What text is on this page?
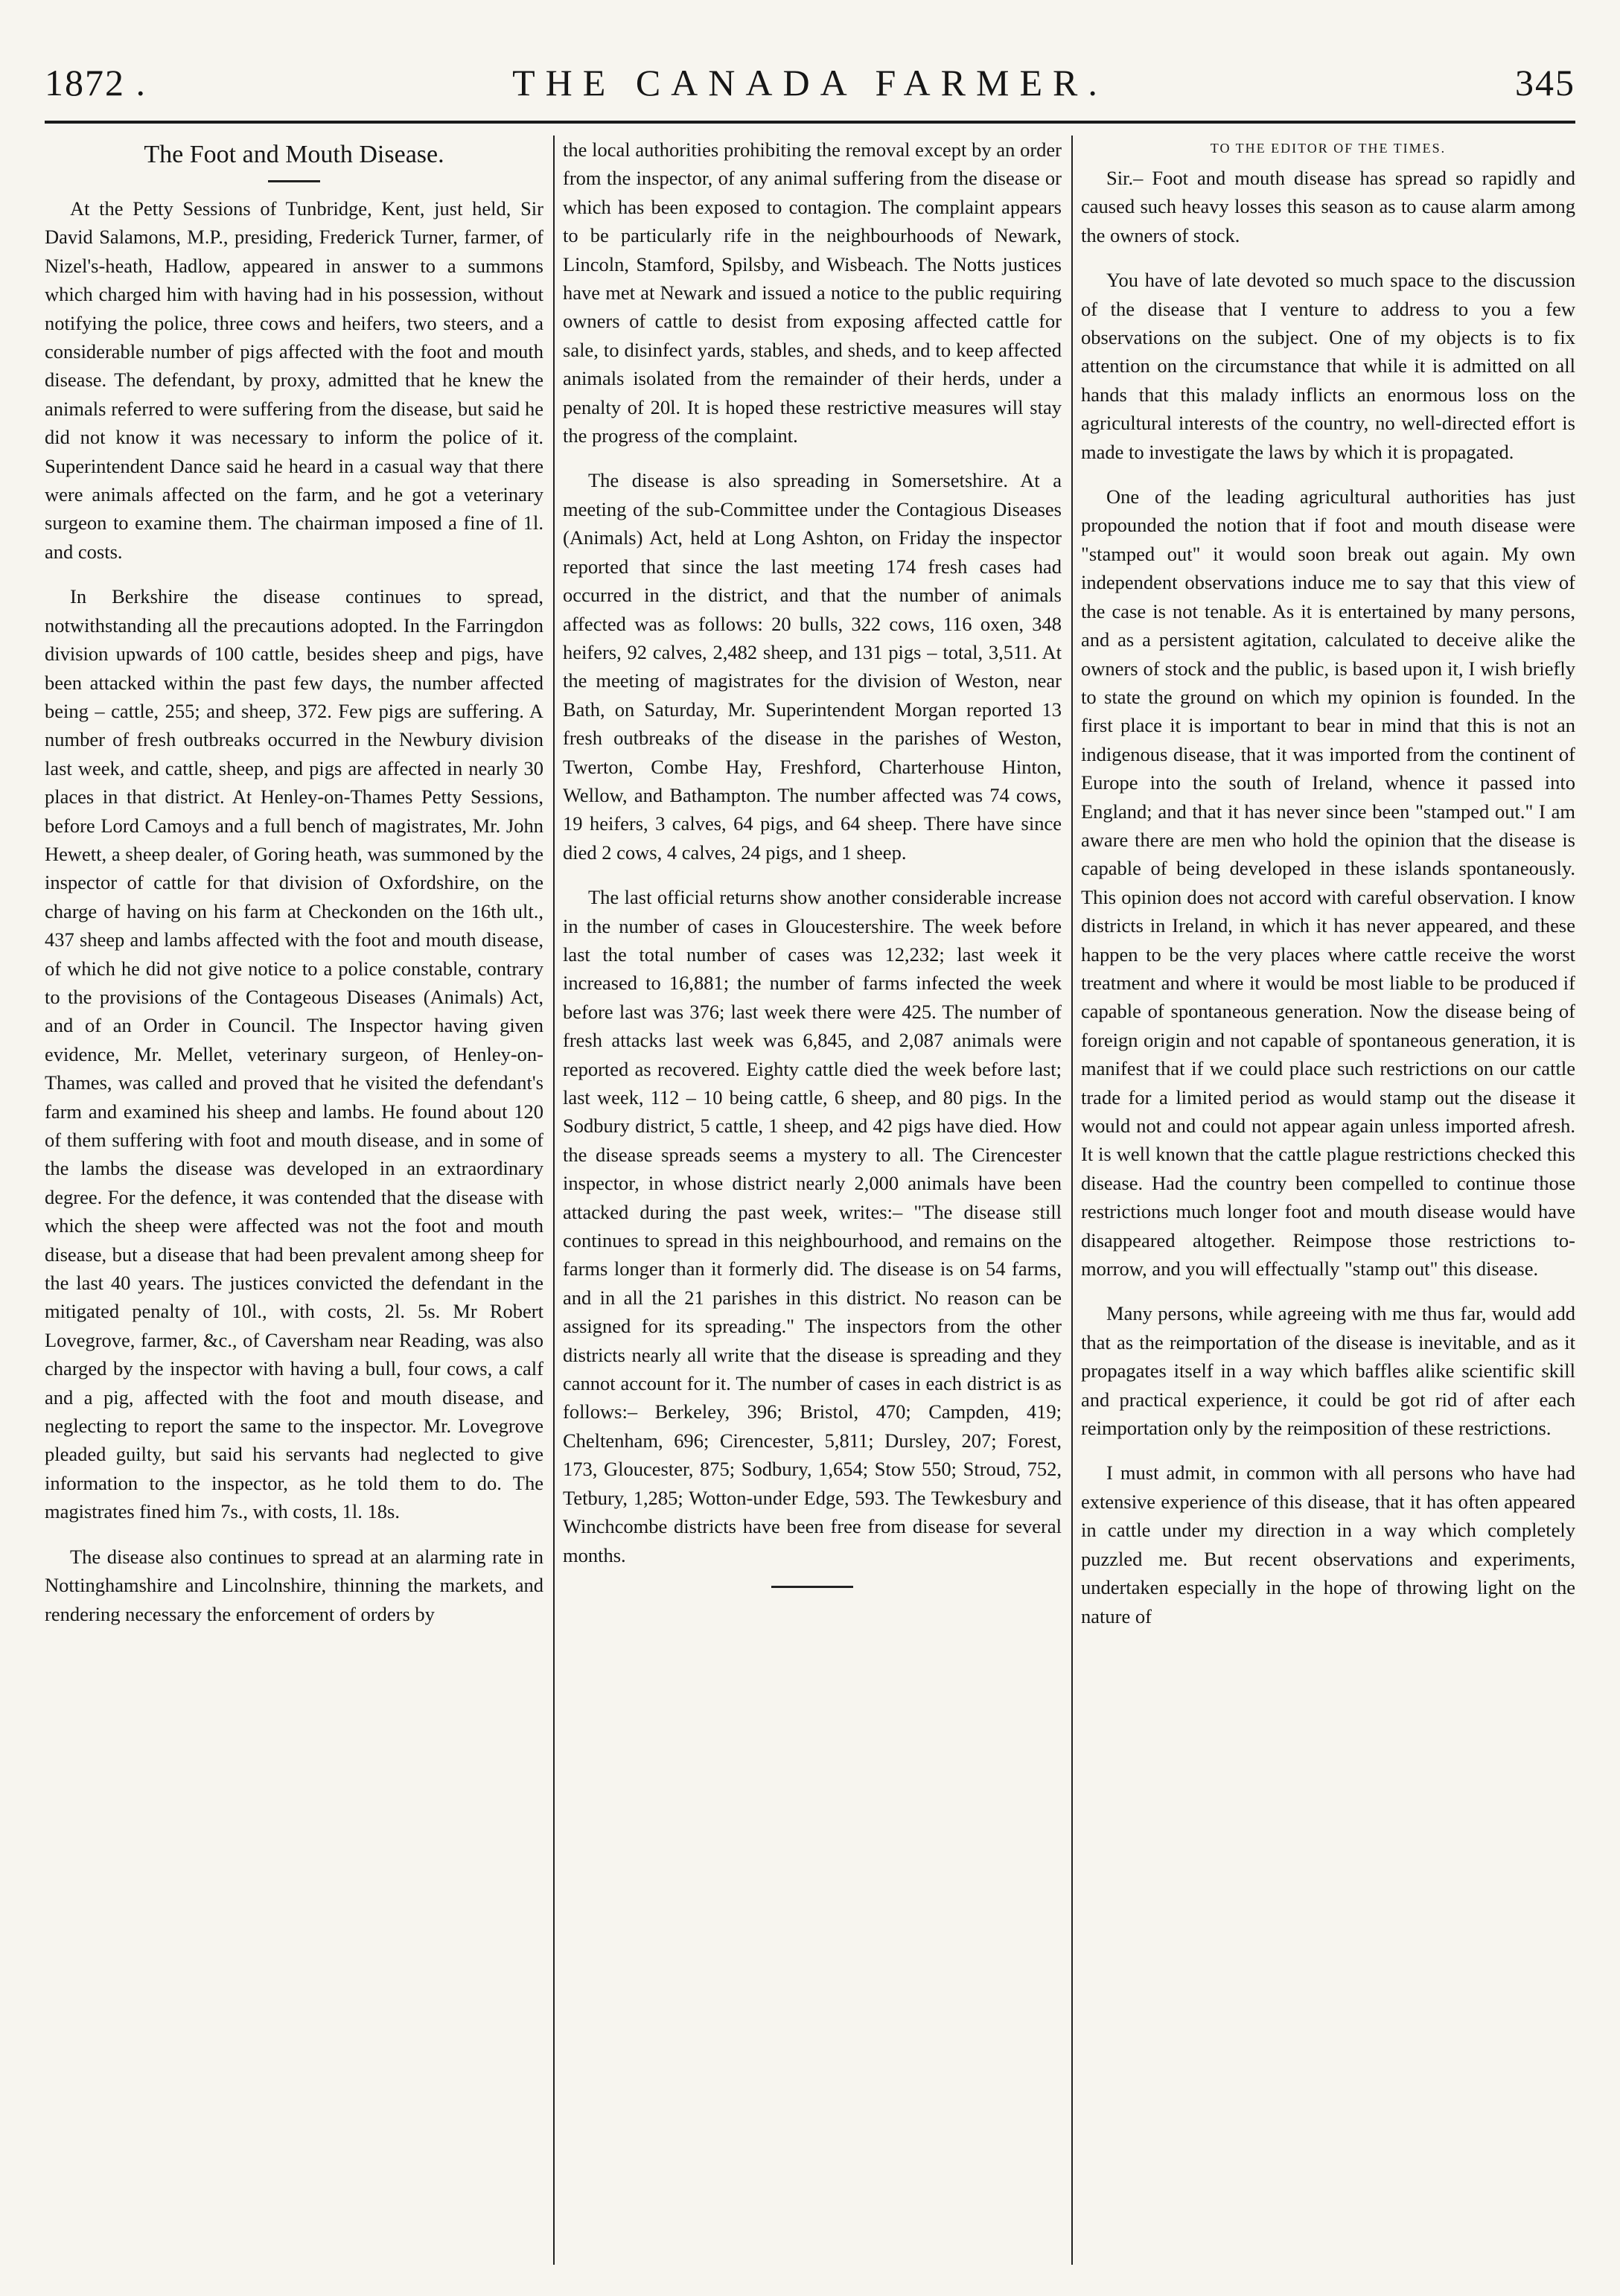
1872 .	THE CANADA FARMER.	345
The Foot and Mouth Disease.

At the Petty Sessions of Tunbridge, Kent, just held, Sir David Salamons, M.P., presiding, Frederick Turner, farmer, of Nizel's-heath, Hadlow, appeared in answer to a summons which charged him with having had in his possession, without notifying the police, three cows and heifers, two steers, and a considerable number of pigs affected with the foot and mouth disease. The defendant, by proxy, admitted that he knew the animals referred to were suffering from the disease, but said he did not know it was necessary to inform the police of it. Superintendent Dance said he heard in a casual way that there were animals affected on the farm, and he got a veterinary surgeon to examine them. The chairman imposed a fine of 1l. and costs.

In Berkshire the disease continues to spread, notwithstanding all the precautions adopted. In the Farringdon division upwards of 100 cattle, besides sheep and pigs, have been attacked within the past few days, the number affected being – cattle, 255; and sheep, 372. Few pigs are suffering. A number of fresh outbreaks occurred in the Newbury division last week, and cattle, sheep, and pigs are affected in nearly 30 places in that district. At Henley-on-Thames Petty Sessions, before Lord Camoys and a full bench of magistrates, Mr. John Hewett, a sheep dealer, of Goring heath, was summoned by the inspector of cattle for that division of Oxfordshire, on the charge of having on his farm at Checkonden on the 16th ult., 437 sheep and lambs affected with the foot and mouth disease, of which he did not give notice to a police constable, contrary to the provisions of the Contageous Diseases (Animals) Act, and of an Order in Council. The Inspector having given evidence, Mr. Mellet, veterinary surgeon, of Henley-on-Thames, was called and proved that he visited the defendant's farm and examined his sheep and lambs. He found about 120 of them suffering with foot and mouth disease, and in some of the lambs the disease was developed in an extraordinary degree. For the defence, it was contended that the disease with which the sheep were affected was not the foot and mouth disease, but a disease that had been prevalent among sheep for the last 40 years. The justices convicted the defendant in the mitigated penalty of 10l., with costs, 2l. 5s. Mr Robert Lovegrove, farmer, &c., of Caversham near Reading, was also charged by the inspector with having a bull, four cows, a calf and a pig, affected with the foot and mouth disease, and neglecting to report the same to the inspector. Mr. Lovegrove pleaded guilty, but said his servants had neglected to give information to the inspector, as he told them to do. The magistrates fined him 7s., with costs, 1l. 18s.

The disease also continues to spread at an alarming rate in Nottinghamshire and Lincolnshire, thinning the markets, and rendering necessary the enforcement of orders by

the local authorities prohibiting the removal except by an order from the inspector, of any animal suffering from the disease or which has been exposed to contagion. The complaint appears to be particularly rife in the neighbourhoods of Newark, Lincoln, Stamford, Spilsby, and Wisbeach. The Notts justices have met at Newark and issued a notice to the public requiring owners of cattle to desist from exposing affected cattle for sale, to disinfect yards, stables, and sheds, and to keep affected animals isolated from the remainder of their herds, under a penalty of 20l. It is hoped these restrictive measures will stay the progress of the complaint.

The disease is also spreading in Somersetshire. At a meeting of the sub-Committee under the Contagious Diseases (Animals) Act, held at Long Ashton, on Friday the inspector reported that since the last meeting 174 fresh cases had occurred in the district, and that the number of animals affected was as follows: 20 bulls, 322 cows, 116 oxen, 348 heifers, 92 calves, 2,482 sheep, and 131 pigs – total, 3,511. At the meeting of magistrates for the division of Weston, near Bath, on Saturday, Mr. Superintendent Morgan reported 13 fresh outbreaks of the disease in the parishes of Weston, Twerton, Combe Hay, Freshford, Charterhouse Hinton, Wellow, and Bathampton. The number affected was 74 cows, 19 heifers, 3 calves, 64 pigs, and 64 sheep. There have since died 2 cows, 4 calves, 24 pigs, and 1 sheep.

The last official returns show another considerable increase in the number of cases in Gloucestershire. The week before last the total number of cases was 12,232; last week it increased to 16,881; the number of farms infected the week before last was 376; last week there were 425. The number of fresh attacks last week was 6,845, and 2,087 animals were reported as recovered. Eighty cattle died the week before last; last week, 112 – 10 being cattle, 6 sheep, and 80 pigs. In the Sodbury district, 5 cattle, 1 sheep, and 42 pigs have died. How the disease spreads seems a mystery to all. The Cirencester inspector, in whose district nearly 2,000 animals have been attacked during the past week, writes:– "The disease still continues to spread in this neighbourhood, and remains on the farms longer than it formerly did. The disease is on 54 farms, and in all the 21 parishes in this district. No reason can be assigned for its spreading." The inspectors from the other districts nearly all write that the disease is spreading and they cannot account for it. The number of cases in each district is as follows:– Berkeley, 396; Bristol, 470; Campden, 419; Cheltenham, 696; Cirencester, 5,811; Dursley, 207; Forest, 173, Gloucester, 875; Sodbury, 1,654; Stow 550; Stroud, 752, Tetbury, 1,285; Wotton-under Edge, 593. The Tewkesbury and Winchcombe districts have been free from disease for several months.

TO THE EDITOR OF THE TIMES.

Sir.– Foot and mouth disease has spread so rapidly and caused such heavy losses this season as to cause alarm among the owners of stock.

You have of late devoted so much space to the discussion of the disease that I venture to address to you a few observations on the subject. One of my objects is to fix attention on the circumstance that while it is admitted on all hands that this malady inflicts an enormous loss on the agricultural interests of the country, no well-directed effort is made to investigate the laws by which it is propagated.

One of the leading agricultural authorities has just propounded the notion that if foot and mouth disease were "stamped out" it would soon break out again. My own independent observations induce me to say that this view of the case is not tenable. As it is entertained by many persons, and as a persistent agitation, calculated to deceive alike the owners of stock and the public, is based upon it, I wish briefly to state the ground on which my opinion is founded. In the first place it is important to bear in mind that this is not an indigenous disease, that it was imported from the continent of Europe into the south of Ireland, whence it passed into England; and that it has never since been "stamped out." I am aware there are men who hold the opinion that the disease is capable of being developed in these islands spontaneously. This opinion does not accord with careful observation. I know districts in Ireland, in which it has never appeared, and these happen to be the very places where cattle receive the worst treatment and where it would be most liable to be produced if capable of spontaneous generation. Now the disease being of foreign origin and not capable of spontaneous generation, it is manifest that if we could place such restrictions on our cattle trade for a limited period as would stamp out the disease it would not and could not appear again unless imported afresh. It is well known that the cattle plague restrictions checked this disease. Had the country been compelled to continue those restrictions much longer foot and mouth disease would have disappeared altogether. Reimpose those restrictions to-morrow, and you will effectually "stamp out" this disease.

Many persons, while agreeing with me thus far, would add that as the reimportation of the disease is inevitable, and as it propagates itself in a way which baffles alike scientific skill and practical experience, it could be got rid of after each reimportation only by the reimposition of these restrictions.

I must admit, in common with all persons who have had extensive experience of this disease, that it has often appeared in cattle under my direction in a way which completely puzzled me. But recent observations and experiments, undertaken especially in the hope of throwing light on the nature of
